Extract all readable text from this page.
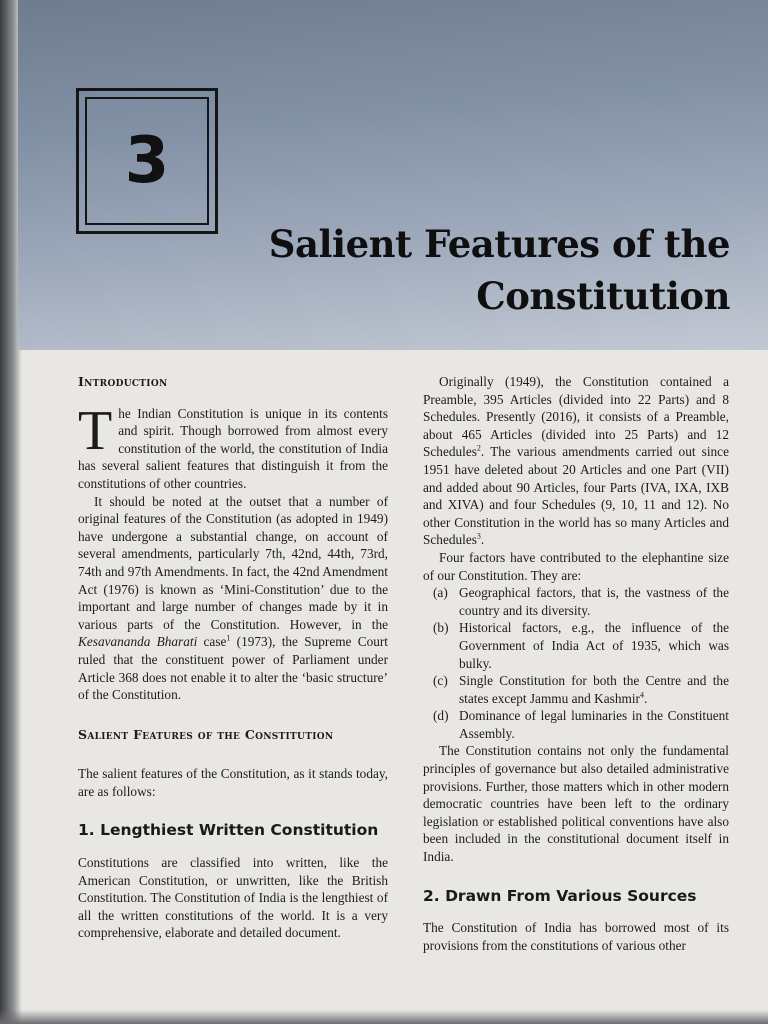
3
Salient Features of the
Constitution
Introduction

The Indian Constitution is unique in its contents and spirit. Though borrowed from almost every constitution of the world, the constitution of India has several salient features that distinguish it from the constitutions of other countries.

It should be noted at the outset that a number of original features of the Constitution (as adopted in 1949) have undergone a substantial change, on account of several amendments, particularly 7th, 42nd, 44th, 73rd, 74th and 97th Amendments. In fact, the 42nd Amendment Act (1976) is known as ‘Mini-Constitution’ due to the important and large number of changes made by it in various parts of the Constitution. However, in the Kesavananda Bharati case$^1$ (1973), the Supreme Court ruled that the constituent power of Parliament under Article 368 does not enable it to alter the ‘basic structure’ of the Constitution.

Salient Features of the Constitution

The salient features of the Constitution, as it stands today, are as follows:

1. Lengthiest Written Constitution

Constitutions are classified into written, like the American Constitution, or unwritten, like the British Constitution. The Constitution of India is the lengthiest of all the written constitutions of the world. It is a very comprehensive, elaborate and detailed document.

Originally (1949), the Constitution contained a Preamble, 395 Articles (divided into 22 Parts) and 8 Schedules. Presently (2016), it consists of a Preamble, about 465 Articles (divided into 25 Parts) and 12 Schedules$^2$. The various amendments carried out since 1951 have deleted about 20 Articles and one Part (VII) and added about 90 Articles, four Parts (IVA, IXA, IXB and XIVA) and four Schedules (9, 10, 11 and 12). No other Constitution in the world has so many Articles and Schedules$^3$.

Four factors have contributed to the elephantine size of our Constitution. They are:

(a) Geographical factors, that is, the vastness of the country and its diversity.
(b) Historical factors, e.g., the influence of the Government of India Act of 1935, which was bulky.
(c) Single Constitution for both the Centre and the states except Jammu and Kashmir$^4$.
(d) Dominance of legal luminaries in the Constituent Assembly.

The Constitution contains not only the fundamental principles of governance but also detailed administrative provisions. Further, those matters which in other modern democratic countries have been left to the ordinary legislation or established political conventions have also been included in the constitutional document itself in India.

2. Drawn From Various Sources

The Constitution of India has borrowed most of its provisions from the constitutions of various other
